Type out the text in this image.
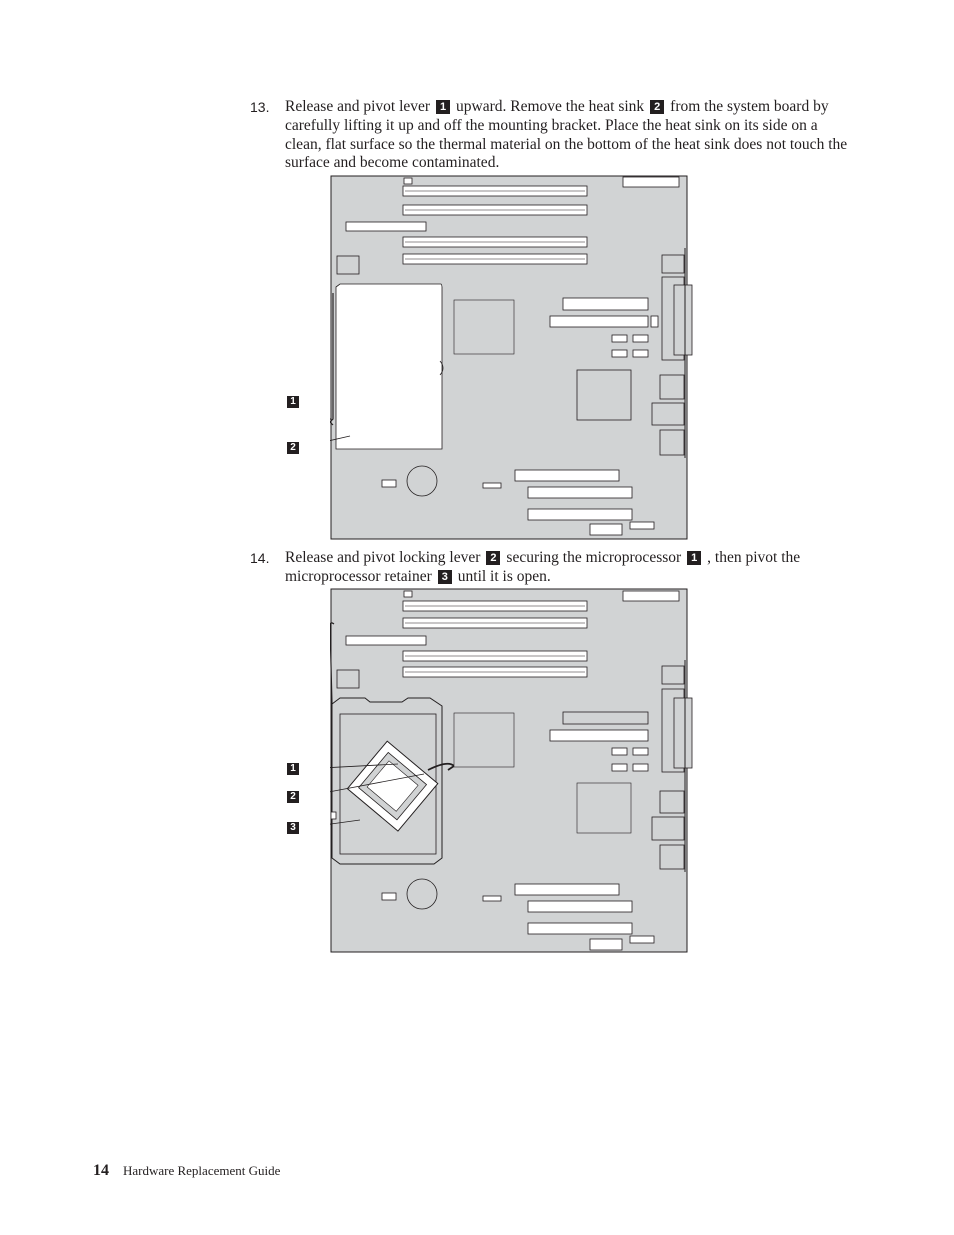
13. Release and pivot lever 1 upward. Remove the heat sink 2 from the system board by carefully lifting it up and off the mounting bracket. Place the heat sink on its side on a clean, flat surface so the thermal material on the bottom of the heat sink does not touch the surface and become contaminated.
1
2
14. Release and pivot locking lever 2 securing the microprocessor 1 , then pivot the microprocessor retainer 3 until it is open.
1
2
3
14 Hardware Replacement Guide
